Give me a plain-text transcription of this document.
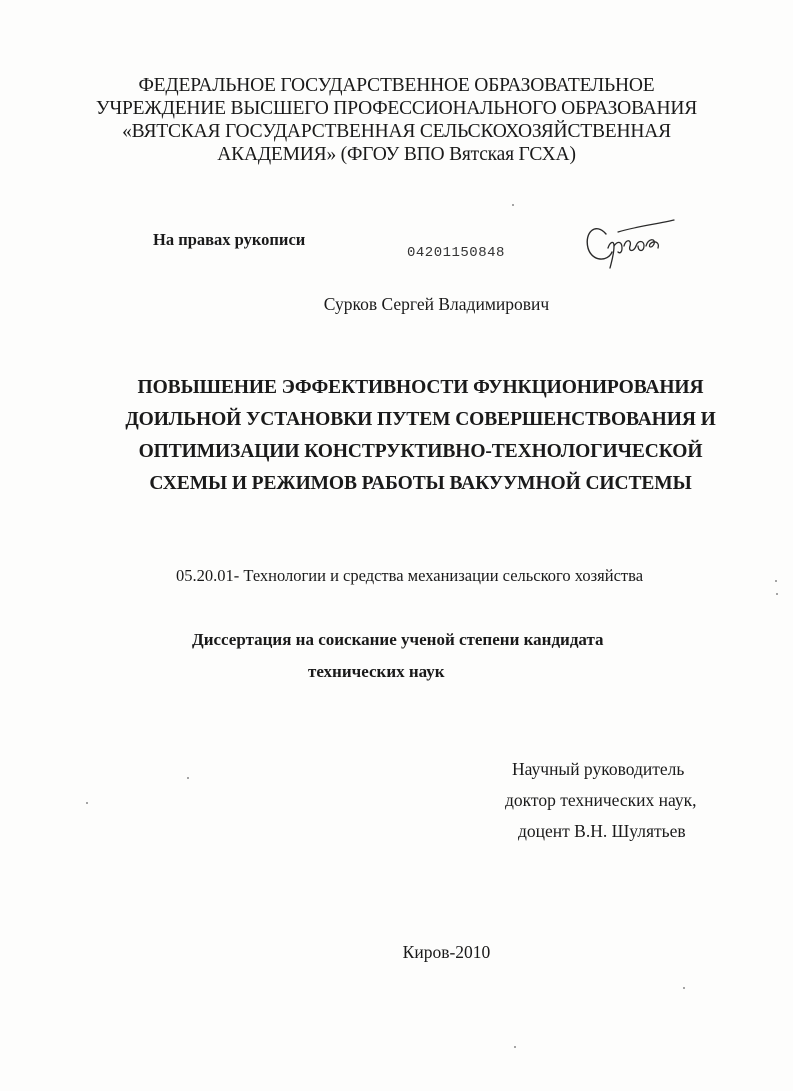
ФЕДЕРАЛЬНОЕ ГОСУДАРСТВЕННОЕ ОБРАЗОВАТЕЛЬНОЕ
УЧРЕЖДЕНИЕ ВЫСШЕГО ПРОФЕССИОНАЛЬНОГО ОБРАЗОВАНИЯ
«ВЯТСКАЯ ГОСУДАРСТВЕННАЯ СЕЛЬСКОХОЗЯЙСТВЕННАЯ
АКАДЕМИЯ» (ФГОУ ВПО Вятская ГСХА)
На правах рукописи
04201150848
Сурков
Сурков Сергей Владимирович
ПОВЫШЕНИЕ ЭФФЕКТИВНОСТИ ФУНКЦИОНИРОВАНИЯ
ДОИЛЬНОЙ УСТАНОВКИ ПУТЕМ СОВЕРШЕНСТВОВАНИЯ И
ОПТИМИЗАЦИИ КОНСТРУКТИВНО-ТЕХНОЛОГИЧЕСКОЙ
СХЕМЫ И РЕЖИМОВ РАБОТЫ ВАКУУМНОЙ СИСТЕМЫ
05.20.01- Технологии и средства механизации сельского хозяйства
Диссертация на соискание ученой степени кандидата
технических наук
Научный руководитель
доктор технических наук,
доцент В.Н. Шулятьев
Киров-2010
